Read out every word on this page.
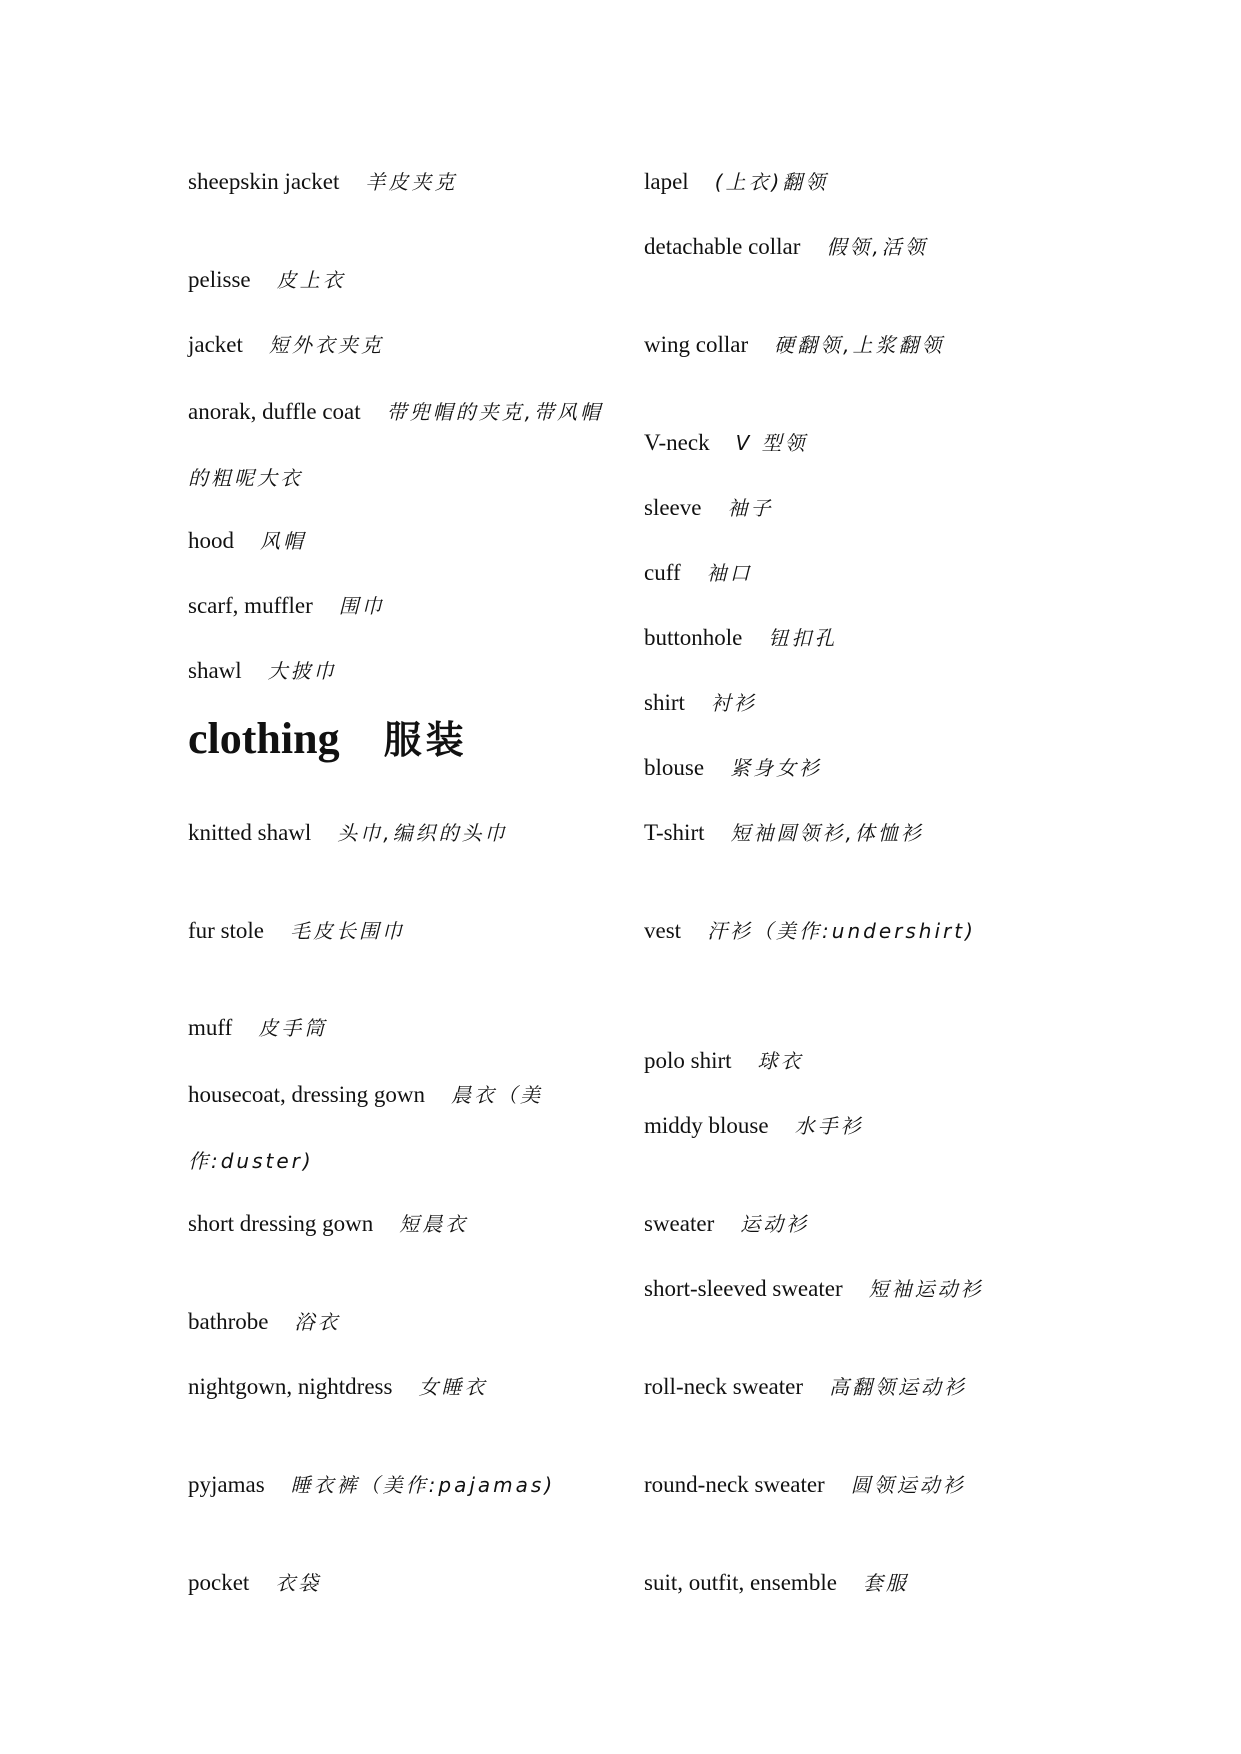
sheepskin jacket 羊皮夹克
pelisse 皮上衣
jacket 短外衣夹克
anorak, duffle coat 带兜帽的夹克,带风帽的粗呢大衣
hood 风帽
scarf, muffler 围巾
shawl 大披巾
clothing 服装
knitted shawl 头巾,编织的头巾
fur stole 毛皮长围巾
muff 皮手筒
housecoat, dressing gown 晨衣（美作:duster)
short dressing gown 短晨衣
bathrobe 浴衣
nightgown, nightdress 女睡衣
pyjamas 睡衣裤（美作:pajamas)
pocket 衣袋
lapel (上衣)翻领
detachable collar 假领,活领
wing collar 硬翻领,上浆翻领
V-neck V 型领
sleeve 袖子
cuff 袖口
buttonhole 钮扣孔
shirt 衬衫
blouse 紧身女衫
T-shirt 短袖圆领衫,体恤衫
vest 汗衫（美作:undershirt)
polo shirt 球衣
middy blouse 水手衫
sweater 运动衫
short-sleeved sweater 短袖运动衫
roll-neck sweater 高翻领运动衫
round-neck sweater 圆领运动衫
suit, outfit, ensemble 套服
